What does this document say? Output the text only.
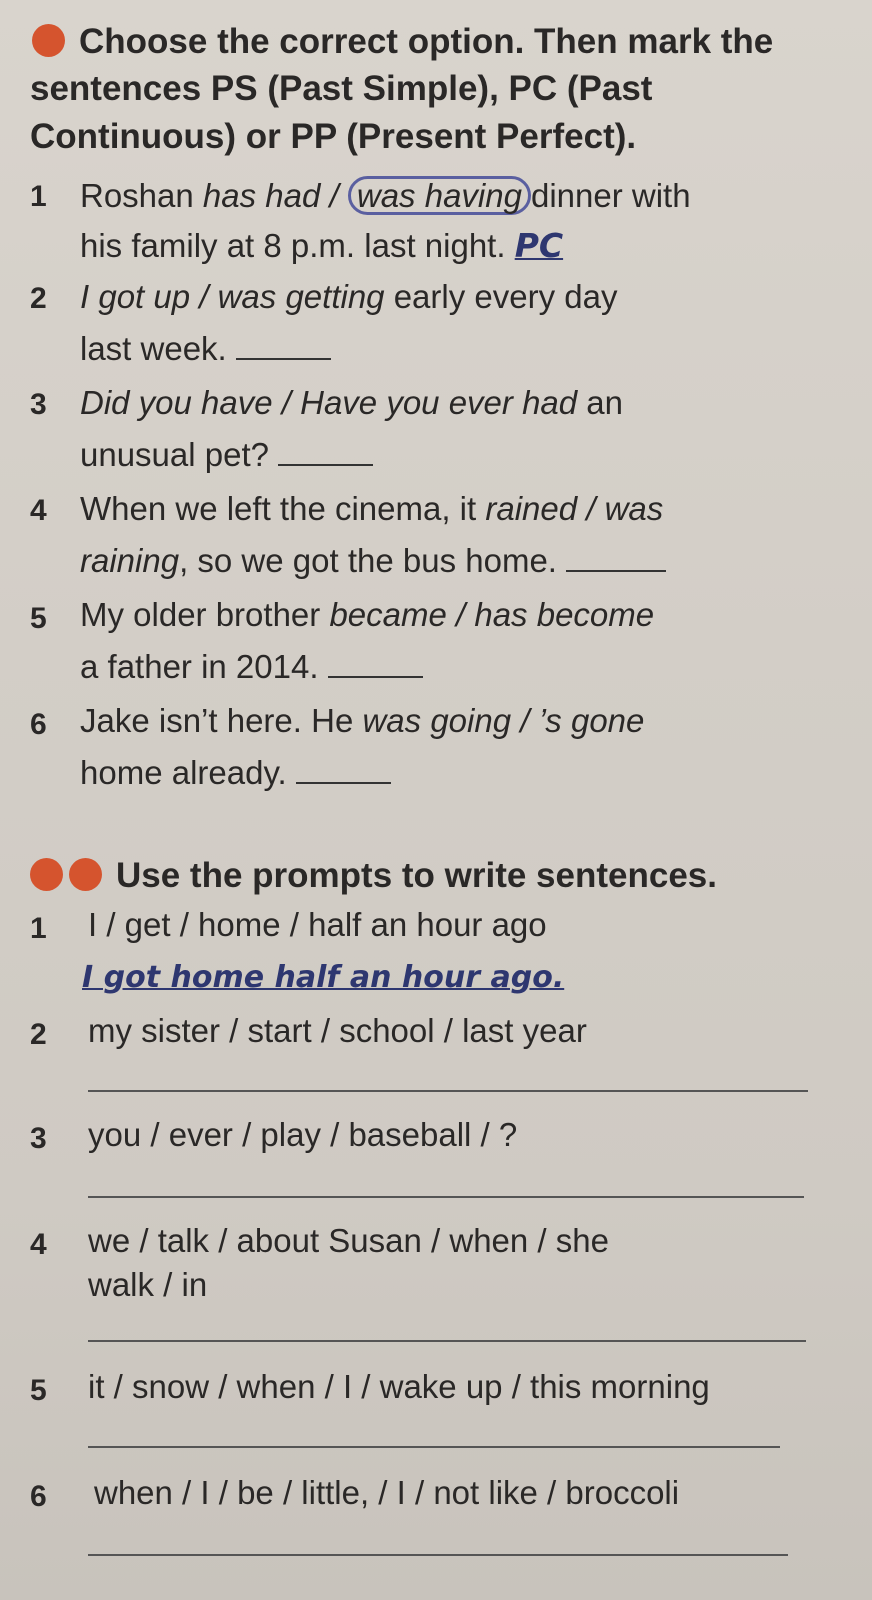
Choose the correct option. Then mark the sentences PS (Past Simple), PC (Past Continuous) or PP (Present Perfect).
1 Roshan has had / was having dinner with
his family at 8 p.m. last night. PC
2 I got up / was getting early every day
last week.
3 Did you have / Have you ever had an
unusual pet?
4 When we left the cinema, it rained / was
raining, so we got the bus home.
5 My older brother became / has become
a father in 2014.
6 Jake isn’t here. He was going / ’s gone
home already.
Use the prompts to write sentences.
1 I / get / home / half an hour ago
I got home half an hour ago.
2 my sister / start / school / last year
3 you / ever / play / baseball / ?
4 we / talk / about Susan / when / she
walk / in
5 it / snow / when / I / wake up / this morning
6 when / I / be / little, / I / not like / broccoli
